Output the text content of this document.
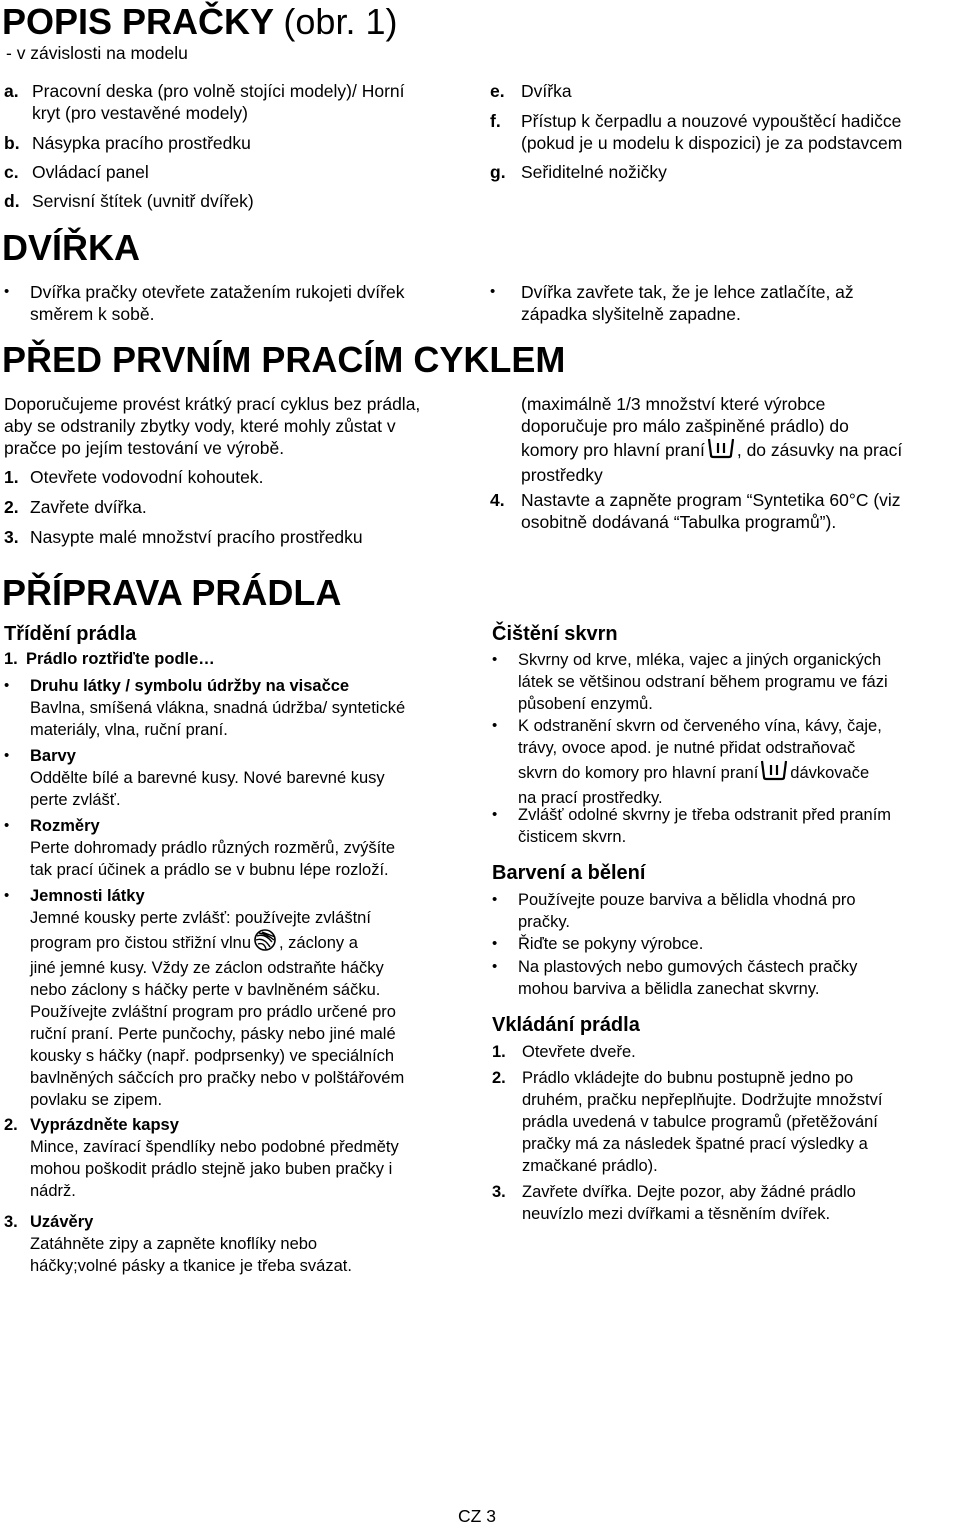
POPIS PRAČKY (obr. 1)
- v závislosti na modelu
a. Pracovní deska (pro volně stojíci modely)/ Horní
kryt (pro vestavěné modely)
b. Násypka pracího prostředku
c. Ovládací panel
d. Servisní štítek (uvnitř dvířek)
e. Dvířka
f.	Přístup k čerpadlu a nouzové vypouštěcí hadičce
(pokud je u modelu k dispozici) je za podstavcem
g. Seřiditelné nožičky
DVÍŘKA
•	Dvířka pračky otevřete zatažením rukojeti dvířek
směrem k sobě.
•	Dvířka zavřete tak, že je lehce zatlačíte, až
západka slyšitelně zapadne.
PŘED PRVNÍM PRACÍM CYKLEM
Doporučujeme provést krátký prací cyklus bez prádla,
aby se odstranily zbytky vody, které mohly zůstat v
pračce po jejím testování ve výrobě.
1. Otevřete vodovodní kohoutek.
2. Zavřete dvířka.
3. Nasypte malé množství pracího prostředku
(maximálně 1/3 množství které výrobce
doporučuje pro málo zašpiněné prádlo) do
komory pro hlavní praní , do zásuvky na prací
prostředky
4. Nastavte a zapněte program “Syntetika 60°C (viz
osobitně dodávaná “Tabulka programů”).
PŘÍPRAVA PRÁDLA
Třídění prádla
1. Prádlo roztřiďte podle…
•	Druhu látky / symbolu údržby na visačce
Bavlna, smíšená vlákna, snadná údržba/ syntetické
materiály, vlna, ruční praní.
•	Barvy
Oddělte bílé a barevné kusy. Nové barevné kusy
perte zvlášť.
•	Rozměry
Perte dohromady prádlo různých rozměrů, zvýšíte
tak prací účinek a prádlo se v bubnu lépe rozloží.
•	Jemnosti látky
Jemné kousky perte zvlášť: používejte zvláštní
program pro čistou střižní vlnu , záclony a
jiné jemné kusy. Vždy ze záclon odstraňte háčky
nebo záclony s háčky perte v bavlněném sáčku.
Používejte zvláštní program pro prádlo určené pro
ruční praní. Perte punčochy, pásky nebo jiné malé
kousky s háčky (např. podprsenky) ve speciálních
bavlněných sáčcích pro pračky nebo v polštářovém
povlaku se zipem.
2. Vyprázdněte kapsy
Mince, zavírací špendlíky nebo podobné předměty
mohou poškodit prádlo stejně jako buben pračky i
nádrž.
3. Uzávěry
Zatáhněte zipy a zapněte knoflíky nebo
háčky;volné pásky a tkanice je třeba svázat.
Čištění skvrn
•	Skvrny od krve, mléka, vajec a jiných organických
látek se většinou odstraní během programu ve fázi
působení enzymů.
•	K odstranění skvrn od červeného vína, kávy, čaje,
trávy, ovoce apod. je nutné přidat odstraňovač
skvrn do komory pro hlavní praní dávkovače
na prací prostředky.
•	Zvlášť odolné skvrny je třeba odstranit před praním
čisticem skvrn.
Barvení a bělení
•	Používejte pouze barviva a bělidla vhodná pro
pračky.
•	Řiďte se pokyny výrobce.
•	Na plastových nebo gumových částech pračky
mohou barviva a bělidla zanechat skvrny.
Vkládání prádla
1. Otevřete dveře.
2. Prádlo vkládejte do bubnu postupně jedno po
druhém, pračku nepřeplňujte. Dodržujte množství
prádla uvedená v tabulce programů (přetěžování
pračky má za následek špatné prací výsledky a
zmačkané prádlo).
3. Zavřete dvířka. Dejte pozor, aby žádné prádlo
neuvízlo mezi dvířkami a těsněním dvířek.
CZ 3
